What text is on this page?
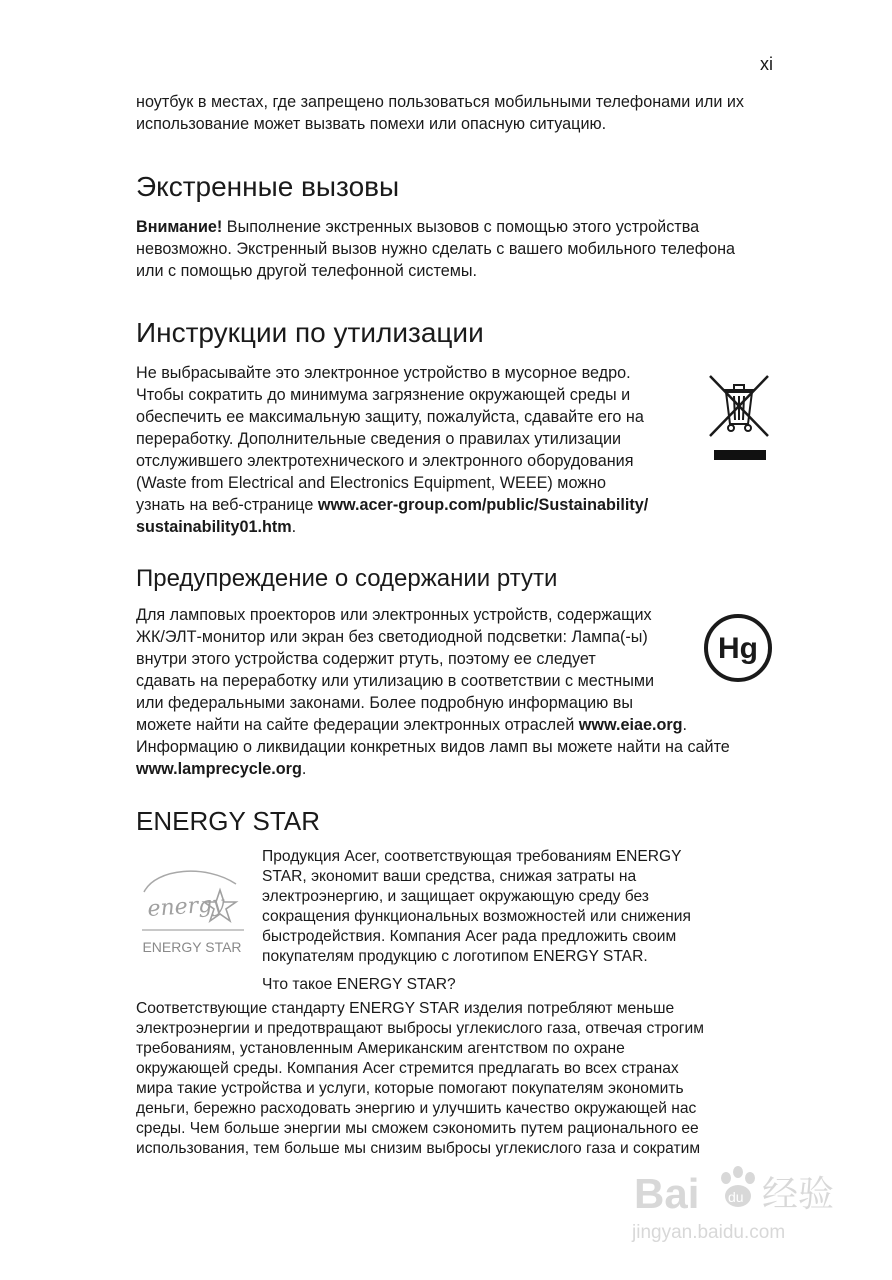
xi

ноутбук в местах, где запрещено пользоваться мобильными телефонами или их

использование может вызвать помехи или опасную ситуацию.

Экстренные вызовы

Внимание! Выполнение экстренных вызовов с помощью этого устройства

невозможно. Экстренный вызов нужно сделать с вашего мобильного телефона

или с помощью другой телефонной системы.

Инструкции по утилизации

Не выбрасывайте это электронное устройство в мусорное ведро.

Чтобы сократить до минимума загрязнение окружающей среды и

обеспечить ее максимальную защиту, пожалуйста, сдавайте его на

переработку. Дополнительные сведения о правилах утилизации

отслужившего электротехнического и электронного оборудования

(Waste from Electrical and Electronics Equipment, WEEE) можно

узнать на веб-странице www.acer-group.com/public/Sustainability/

sustainability01.htm.

Предупреждение о содержании ртути

Для ламповых проекторов или электронных устройств, содержащих

ЖК/ЭЛТ-монитор или экран без светодиодной подсветки: Лампа(-ы)

внутри этого устройства содержит ртуть, поэтому ее следует

сдавать на переработку или утилизацию в соответствии с местными

или федеральными законами. Более подробную информацию вы

можете найти на сайте федерации электронных отраслей www.eiae.org.

Информацию о ликвидации конкретных видов ламп вы можете найти на сайте

www.lamprecycle.org.

Hg
ENERGY STAR
energy
ENERGY STAR

Продукция Acer, соответствующая требованиям ENERGY

STAR, экономит ваши средства, снижая затраты на

электроэнергию, и защищает окружающую среду без

сокращения функциональных возможностей или снижения

быстродействия. Компания Acer рада предложить своим

покупателям продукцию с логотипом ENERGY STAR.

Что такое ENERGY STAR?

Соответствующие стандарту ENERGY STAR изделия потребляют меньше

электроэнергии и предотвращают выбросы углекислого газа, отвечая строгим

требованиям, установленным Американским агентством по охране

окружающей среды. Компания Acer стремится предлагать во всех странах

мира такие устройства и услуги, которые помогают покупателям экономить

деньги, бережно расходовать энергию и улучшить качество окружающей нас

среды. Чем больше энергии мы сможем сэкономить путем рационального ее

использования, тем больше мы снизим выбросы углекислого газа и сократим

Bai du 经验
jingyan.baidu.com
